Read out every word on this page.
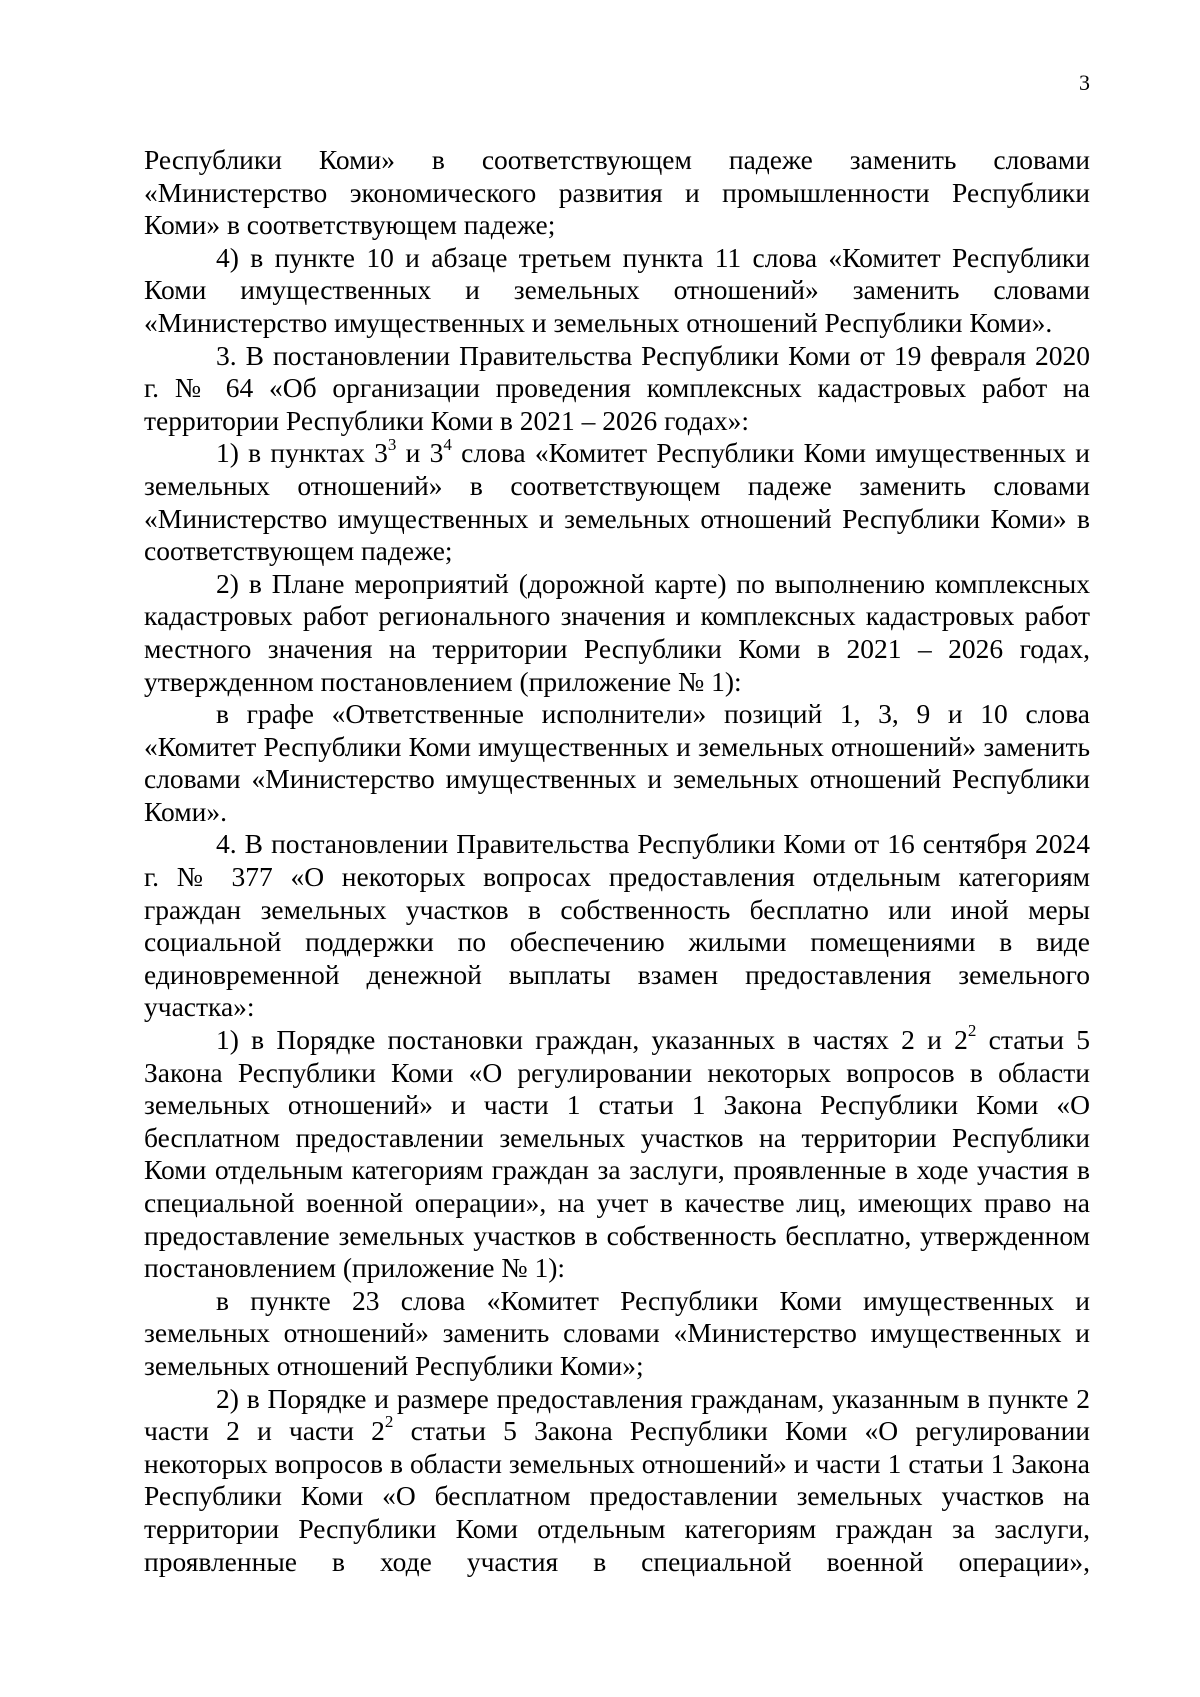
3

Республики Коми» в соответствующем падеже заменить словами «Министерство экономического развития и промышленности Республики Коми» в соответствующем падеже;

4) в пункте 10 и абзаце третьем пункта 11 слова «Комитет Республики Коми имущественных и земельных отношений» заменить словами «Министерство имущественных и земельных отношений Республики Коми».

3. В постановлении Правительства Республики Коми от 19 февраля 2020 г. № 64 «Об организации проведения комплексных кадастровых работ на территории Республики Коми в 2021 – 2026 годах»:

1) в пунктах $3^3$ и $3^4$ слова «Комитет Республики Коми имущественных и земельных отношений» в соответствующем падеже заменить словами «Министерство имущественных и земельных отношений Республики Коми» в соответствующем падеже;

2) в Плане мероприятий (дорожной карте) по выполнению комплексных кадастровых работ регионального значения и комплексных кадастровых работ местного значения на территории Республики Коми в 2021 – 2026 годах, утвержденном постановлением (приложение № 1):

в графе «Ответственные исполнители» позиций 1, 3, 9 и 10 слова «Комитет Республики Коми имущественных и земельных отношений» заменить словами «Министерство имущественных и земельных отношений Республики Коми».

4. В постановлении Правительства Республики Коми от 16 сентября 2024 г. № 377 «О некоторых вопросах предоставления отдельным категориям граждан земельных участков в собственность бесплатно или иной меры социальной поддержки по обеспечению жилыми помещениями в виде единовременной денежной выплаты взамен предоставления земельного участка»:

1) в Порядке постановки граждан, указанных в частях 2 и $2^2$ статьи 5 Закона Республики Коми «О регулировании некоторых вопросов в области земельных отношений» и части 1 статьи 1 Закона Республики Коми «О бесплатном предоставлении земельных участков на территории Республики Коми отдельным категориям граждан за заслуги, проявленные в ходе участия в специальной военной операции», на учет в качестве лиц, имеющих право на предоставление земельных участков в собственность бесплатно, утвержденном постановлением (приложение № 1):

в пункте 23 слова «Комитет Республики Коми имущественных и земельных отношений» заменить словами «Министерство имущественных и земельных отношений Республики Коми»;

2) в Порядке и размере предоставления гражданам, указанным в пункте 2 части 2 и части $2^2$ статьи 5 Закона Республики Коми «О регулировании некоторых вопросов в области земельных отношений» и части 1 статьи 1 Закона Республики Коми «О бесплатном предоставлении земельных участков на территории Республики Коми отдельным категориям граждан за заслуги, проявленные в ходе участия в специальной военной операции»,
